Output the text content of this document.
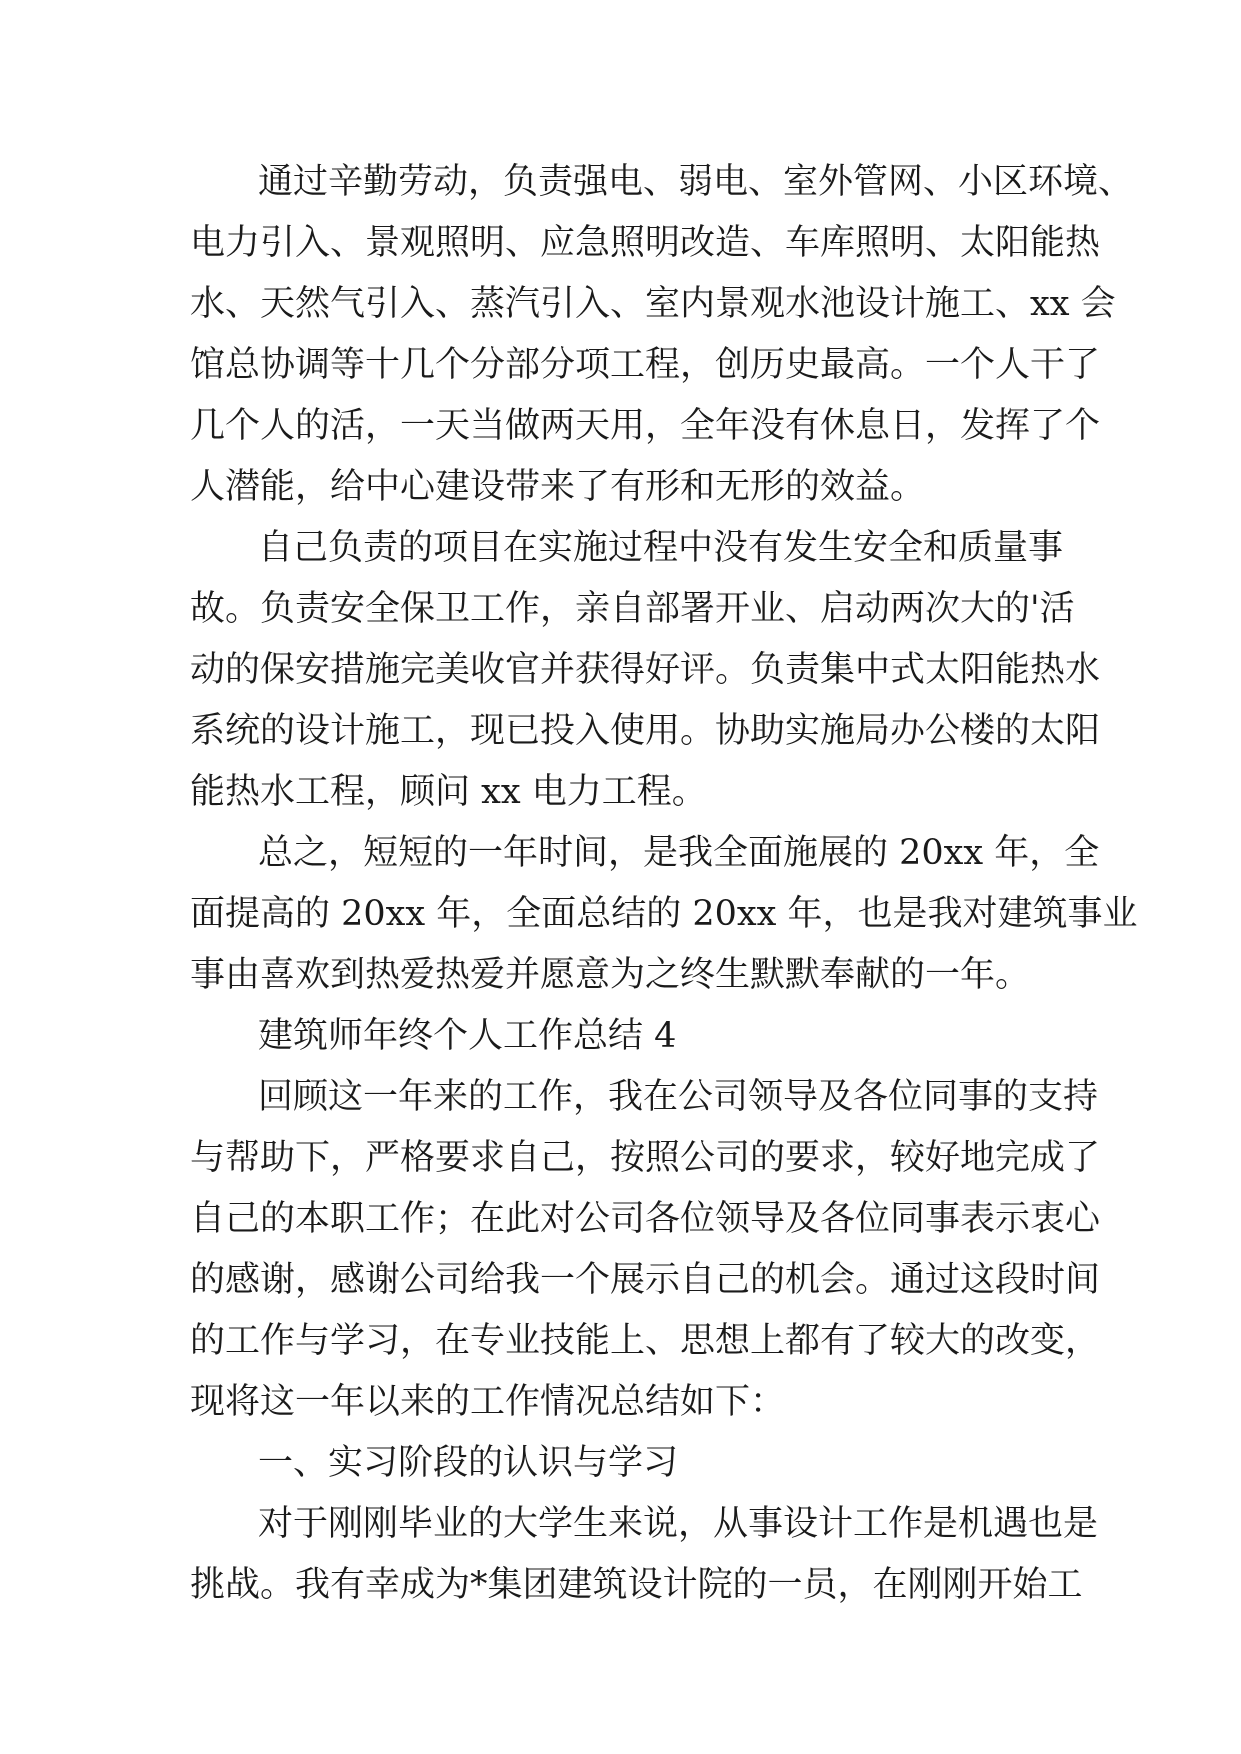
通过辛勤劳动，负责强电、弱电、室外管网、小区环境、
电力引入、景观照明、应急照明改造、车库照明、太阳能热
水、天然气引入、蒸汽引入、室内景观水池设计施工、xx 会
馆总协调等十几个分部分项工程，创历史最高。一个人干了
几个人的活，一天当做两天用，全年没有休息日，发挥了个
人潜能，给中心建设带来了有形和无形的效益。
自己负责的项目在实施过程中没有发生安全和质量事
故。负责安全保卫工作，亲自部署开业、启动两次大的'活
动的保安措施完美收官并获得好评。负责集中式太阳能热水
系统的设计施工，现已投入使用。协助实施局办公楼的太阳
能热水工程，顾问 xx 电力工程。
总之，短短的一年时间，是我全面施展的 20xx 年，全
面提高的 20xx 年，全面总结的 20xx 年，也是我对建筑事业
事由喜欢到热爱热爱并愿意为之终生默默奉献的一年。
建筑师年终个人工作总结 4
回顾这一年来的工作，我在公司领导及各位同事的支持
与帮助下，严格要求自己，按照公司的要求，较好地完成了
自己的本职工作；在此对公司各位领导及各位同事表示衷心
的感谢，感谢公司给我一个展示自己的机会。通过这段时间
的工作与学习，在专业技能上、思想上都有了较大的改变，
现将这一年以来的工作情况总结如下：
一、实习阶段的认识与学习
对于刚刚毕业的大学生来说，从事设计工作是机遇也是
挑战。我有幸成为*集团建筑设计院的一员，在刚刚开始工
